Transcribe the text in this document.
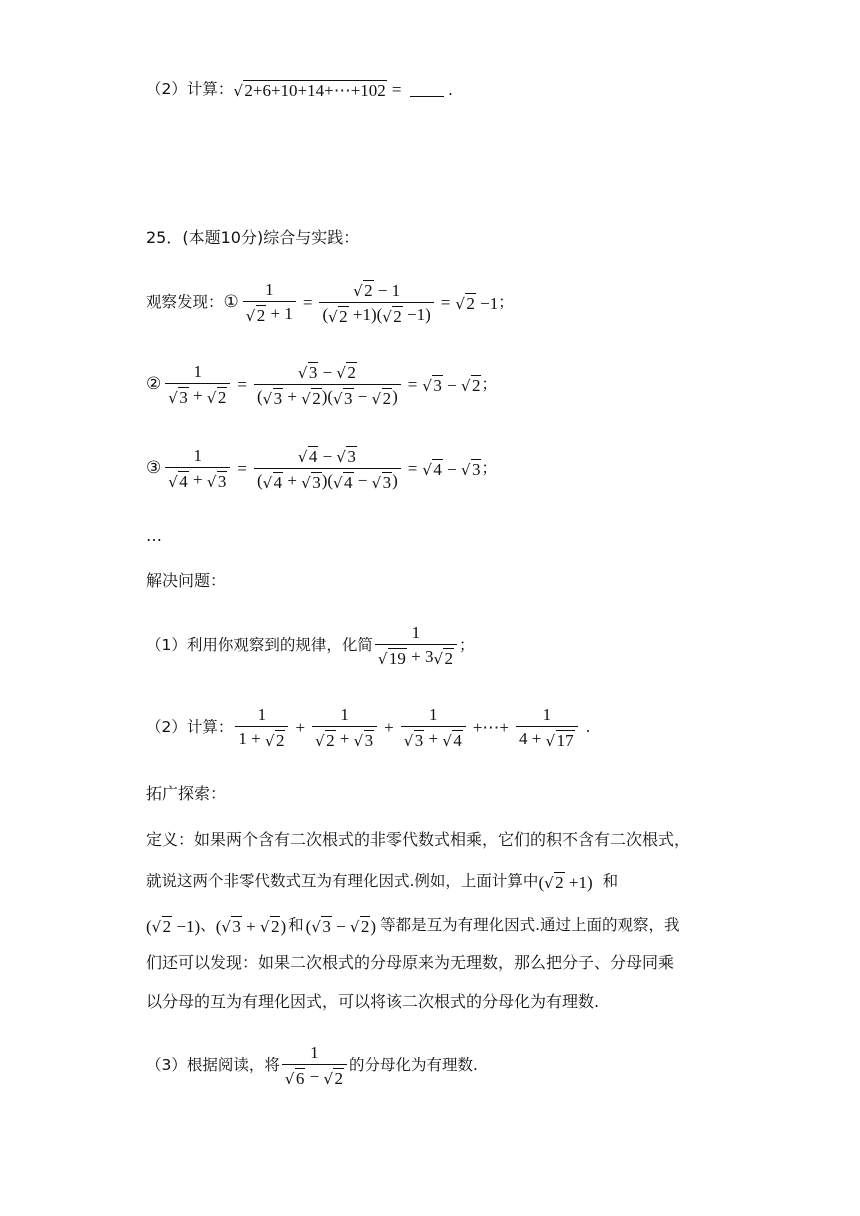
（2）计算： √ 2+6+10+14+⋯+102 =	.
25．(本题10分)综合与实践：
观察发现： ① $\frac{1}{√ 2 + 1} = \frac{√ 2 - 1}{( √ 2 +1)( √ 2 -1)}$ = √ 2 −1 ；
② $\frac{1}{√ 3 + √ 2} = \frac{√ 3 - √ 2}{( √ 3 + √ 2 )( √ 3 - √ 2 )}$ = √ 3 − √ 2 ；
③ $\frac{1}{√ 4 + √ 3} = \frac{√ 4 - √ 3}{( √ 4 + √ 3 )( √ 4 - √ 3 )}$ = √ 4 − √ 3 ；
…
解决问题：
（1）利用你观察到的规律，化简 $\frac{1}{√ 19 + 3 √ 2}$ ；
（2）计算： $\frac{1}{1 + √ 2} + \frac{1}{√ 2 + √ 3} + \frac{1}{√ 3 + √ 4}$ +⋯+ $\frac{1}{4 + √ 17}$ .
拓广探索：
定义：如果两个含有二次根式的非零代数式相乘，它们的积不含有二次根式，
就说这两个非零代数式互为有理化因式.例如，上面计算中 ( √ 2 +1) 和
( √ 2 −1) 、 ( √ 3 + √ 2 ) 和 ( √ 3 − √ 2 ) 等都是互为有理化因式.通过上面的观察，我
们还可以发现：如果二次根式的分母原来为无理数，那么把分子、分母同乘
以分母的互为有理化因式，可以将该二次根式的分母化为有理数.
（3）根据阅读，将 $\frac{1}{√ 6 - √ 2}$ 的分母化为有理数.
